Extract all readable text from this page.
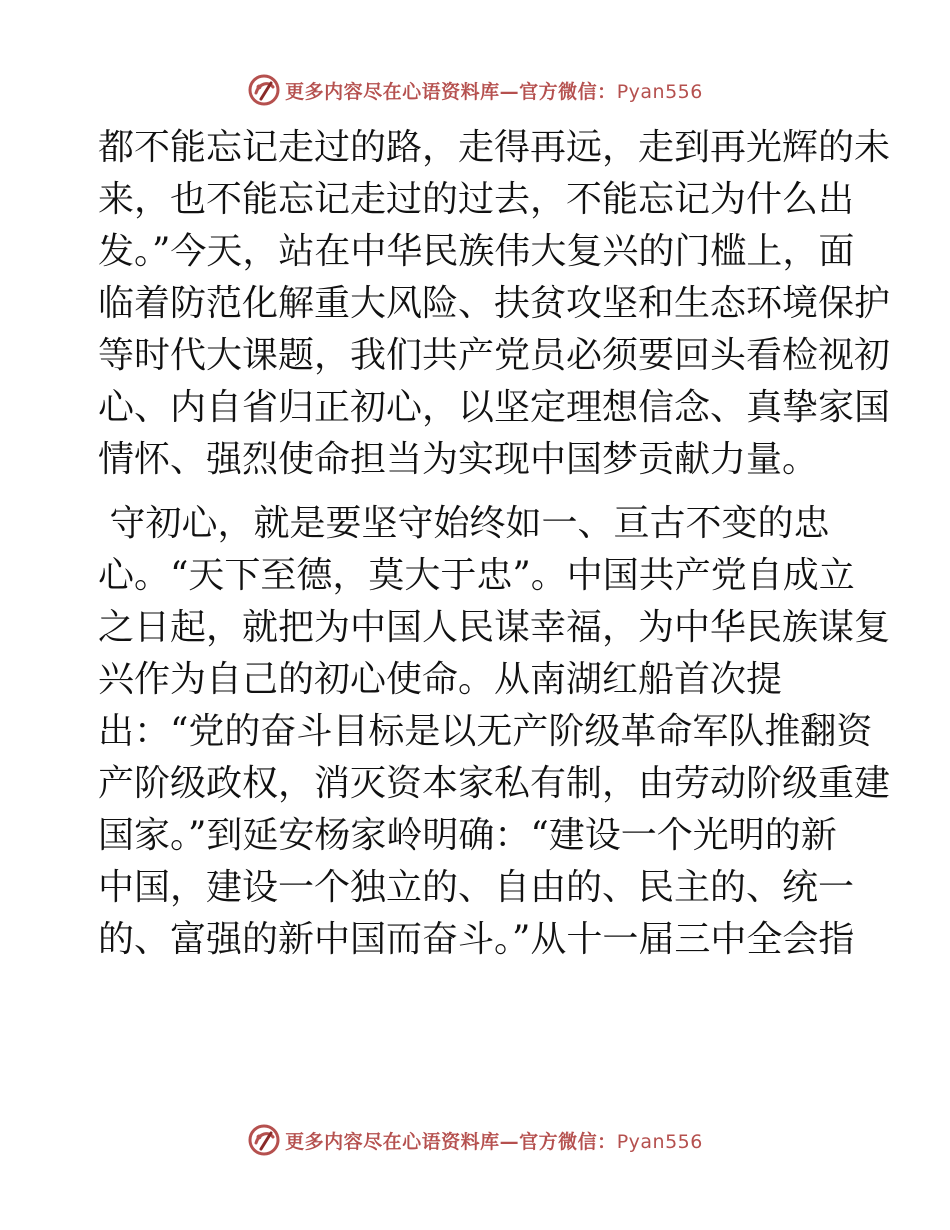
更多内容尽在心语资料库—官方微信：Pyan556
都不能忘记走过的路，走得再远，走到再光辉的未
来，也不能忘记走过的过去，不能忘记为什么出
发。”今天，站在中华民族伟大复兴的门槛上，面
临着防范化解重大风险、扶贫攻坚和生态环境保护
等时代大课题，我们共产党员必须要回头看检视初
心、内自省归正初心，以坚定理想信念、真挚家国
情怀、强烈使命担当为实现中国梦贡献力量。
守初心，就是要坚守始终如一、亘古不变的忠
心。“天下至德，莫大于忠”。中国共产党自成立
之日起，就把为中国人民谋幸福，为中华民族谋复
兴作为自己的初心使命。从南湖红船首次提
出：“党的奋斗目标是以无产阶级革命军队推翻资
产阶级政权，消灭资本家私有制，由劳动阶级重建
国家。”到延安杨家岭明确：“建设一个光明的新
中国，建设一个独立的、自由的、民主的、统一
的、富强的新中国而奋斗。”从十一届三中全会指
更多内容尽在心语资料库—官方微信：Pyan556
